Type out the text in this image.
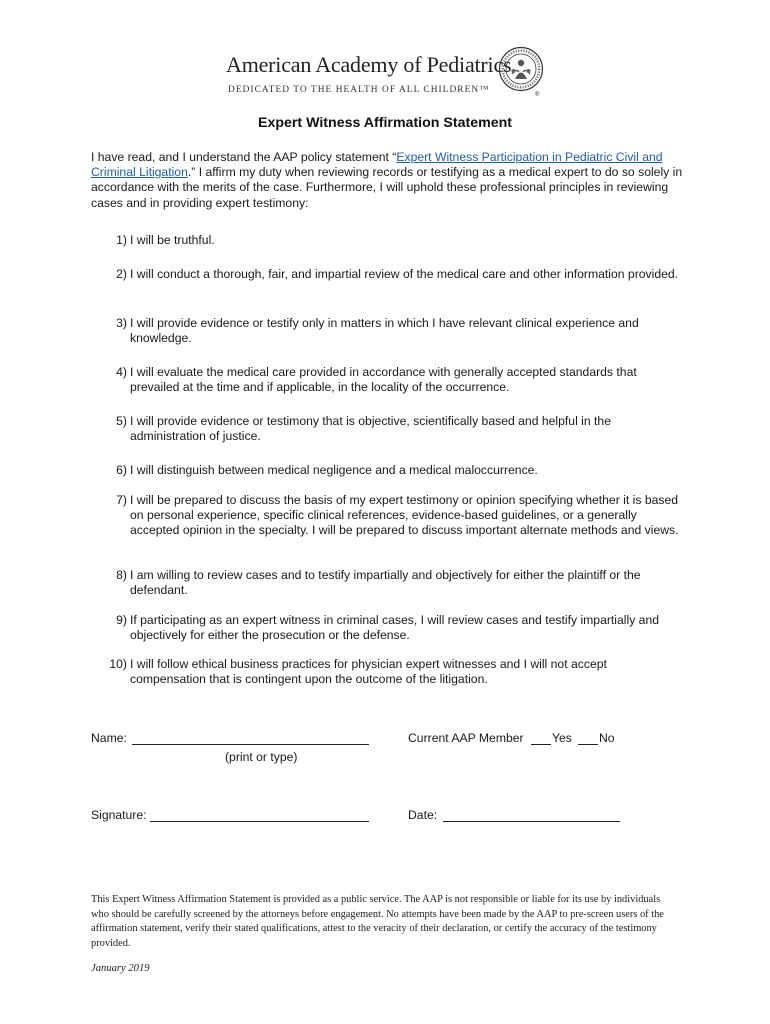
American Academy of Pediatrics
DEDICATED TO THE HEALTH OF ALL CHILDREN™	®
Expert Witness Affirmation Statement
I have read, and I understand the AAP policy statement “Expert Witness Participation in Pediatric Civil and Criminal Litigation.” I affirm my duty when reviewing records or testifying as a medical expert to do so solely in accordance with the merits of the case. Furthermore, I will uphold these professional principles in reviewing cases and in providing expert testimony:
1) I will be truthful.
2) I will conduct a thorough, fair, and impartial review of the medical care and other information provided.
3) I will provide evidence or testify only in matters in which I have relevant clinical experience and knowledge.
4) I will evaluate the medical care provided in accordance with generally accepted standards that prevailed at the time and if applicable, in the locality of the occurrence.
5) I will provide evidence or testimony that is objective, scientifically based and helpful in the administration of justice.
6) I will distinguish between medical negligence and a medical maloccurrence.
7) I will be prepared to discuss the basis of my expert testimony or opinion specifying whether it is based on personal experience, specific clinical references, evidence-based guidelines, or a generally accepted opinion in the specialty. I will be prepared to discuss important alternate methods and views.
8) I am willing to review cases and to testify impartially and objectively for either the plaintiff or the defendant.
9) If participating as an expert witness in criminal cases, I will review cases and testify impartially and objectively for either the prosecution or the defense.
10) I will follow ethical business practices for physician expert witnesses and I will not accept compensation that is contingent upon the outcome of the litigation.
Name:
(print or type)
Current AAP Member Yes No
Signature:	Date:
This Expert Witness Affirmation Statement is provided as a public service. The AAP is not responsible or liable for its use by individuals who should be carefully screened by the attorneys before engagement. No attempts have been made by the AAP to pre-screen users of the affirmation statement, verify their stated qualifications, attest to the veracity of their declaration, or certify the accuracy of the testimony provided.
January 2019
